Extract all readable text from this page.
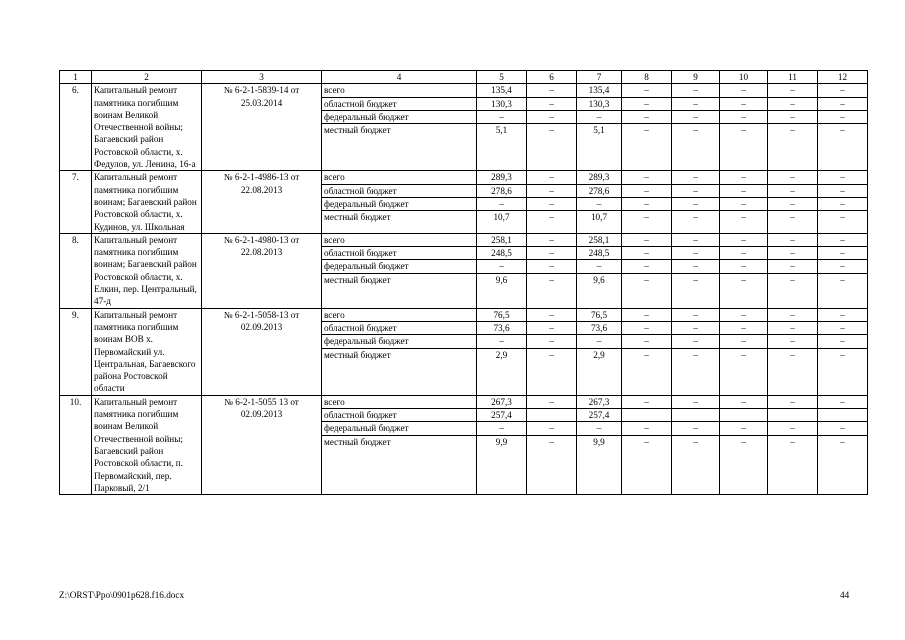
1	2	3	4	5	6	7	8	9	10	11	12
6.	Капитальный ремонт памятника погибшим воинам Великой Отечественной войны; Багаевский район Ростовской области, х. Федулов, ул. Ленина, 16-а	№ 6-2-1-5839-14 от 25.03.2014	всего	135,4	–	135,4	–	–	–	–	–
			областной бюджет	130,3	–	130,3	–	–	–	–	–
			федеральный бюджет	–	–	–	–	–	–	–	–
			местный бюджет	5,1	–	5,1	–	–	–	–	–
7.	Капитальный ремонт памятника погибшим воинам; Багаевский район Ростовской области, х. Кудинов, ул. Школьная	№ 6-2-1-4986-13 от 22.08.2013	всего	289,3	–	289,3	–	–	–	–	–
			областной бюджет	278,6	–	278,6	–	–	–	–	–
			федеральный бюджет	–	–	–	–	–	–	–	–
			местный бюджет	10,7	–	10,7	–	–	–	–	–
8.	Капитальный ремонт памятника погибшим воинам; Багаевский район Ростовской области, х. Елкин, пер. Центральный, 47-д	№ 6-2-1-4980-13 от 22.08.2013	всего	258,1	–	258,1	–	–	–	–	–
			областной бюджет	248,5	–	248,5	–	–	–	–	–
			федеральный бюджет	–	–	–	–	–	–	–	–
			местный бюджет	9,6	–	9,6	–	–	–	–	–
9.	Капитальный ремонт памятника погибшим воинам ВОВ х. Первомайский ул. Центральная, Багаевского района Ростовской области	№ 6-2-1-5058-13 от 02.09.2013	всего	76,5	–	76,5	–	–	–	–	–
			областной бюджет	73,6	–	73,6	–	–	–	–	–
			федеральный бюджет	–	–	–	–	–	–	–	–
			местный бюджет	2,9	–	2,9	–	–	–	–	–
10.	Капитальный ремонт памятника погибшим воинам Великой Отечественной войны; Багаевский район Ростовской области, п. Первомайский, пер. Парковый, 2/1	№ 6-2-1-5055 13 от 02.09.2013	всего	267,3	–	267,3	–	–	–	–	–
			областной бюджет	257,4		257,4					
			федеральный бюджет	–	–	–	–	–	–	–	–
			местный бюджет	9,9	–	9,9	–	–	–	–	–
Z:\ORST\Ppo\0901p628.f16.docx	44
